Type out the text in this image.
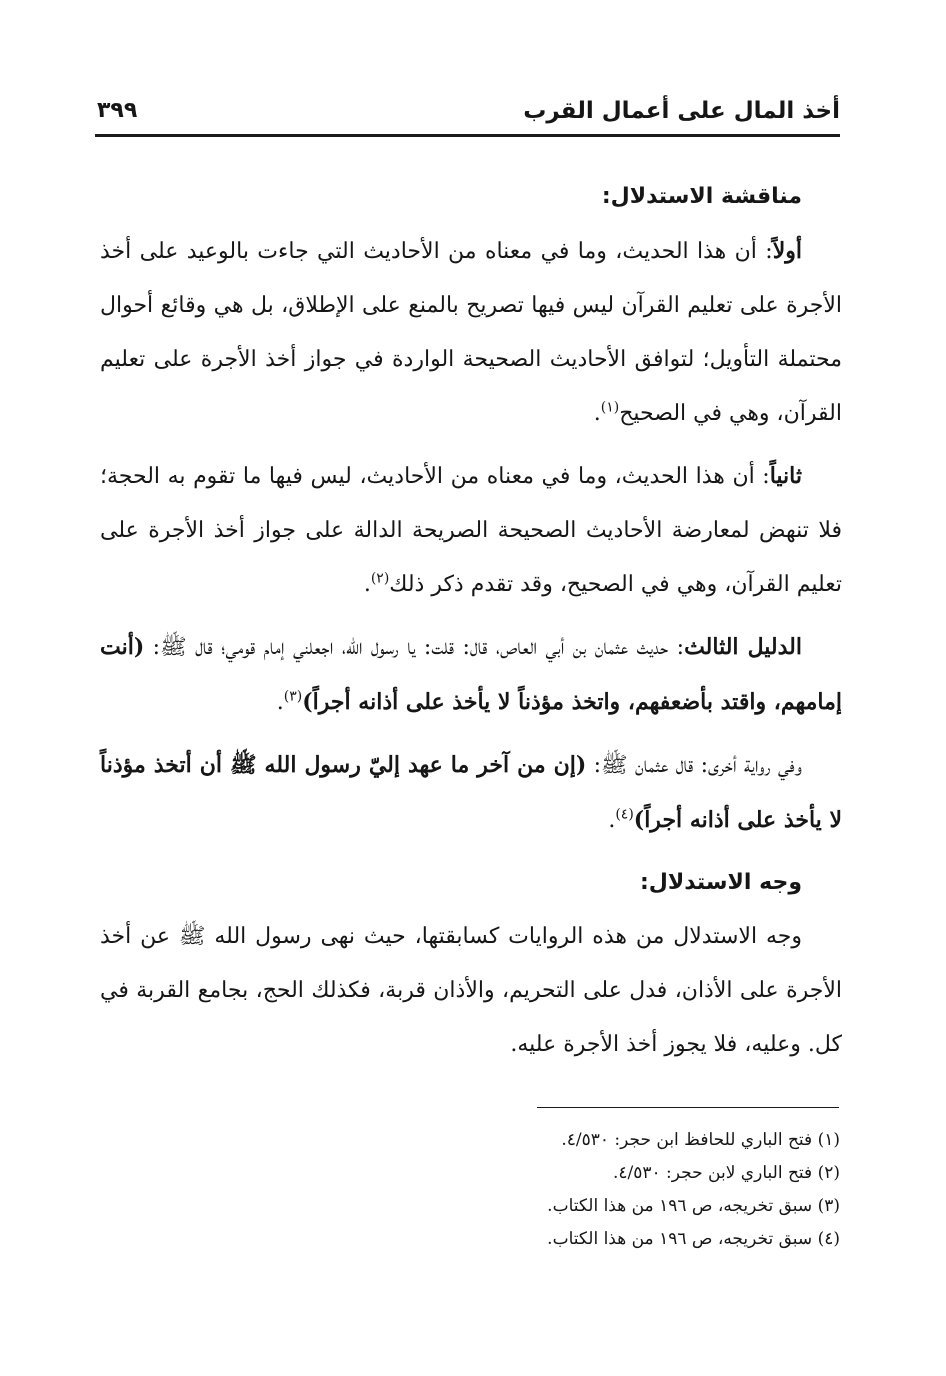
أخذ المال على أعمال القرب
٣٩٩

مناقشة الاستدلال:

أولاً: أن هذا الحديث، وما في معناه من الأحاديث التي جاءت بالوعيد على أخذ الأجرة على تعليم القرآن ليس فيها تصريح بالمنع على الإطلاق، بل هي وقائع أحوال محتملة التأويل؛ لتوافق الأحاديث الصحيحة الواردة في جواز أخذ الأجرة على تعليم القرآن، وهي في الصحيح$^{(١)}$.

ثانياً: أن هذا الحديث، وما في معناه من الأحاديث، ليس فيها ما تقوم به الحجة؛ فلا تنهض لمعارضة الأحاديث الصحيحة الصريحة الدالة على جواز أخذ الأجرة على تعليم القرآن، وهي في الصحيح، وقد تقدم ذكر ذلك$^{(٢)}$.

الدليل الثالث: حديث عثمان بن أبي العاص، قال: قلت: يا رسول الله، اجعلني إمام قومي؛ قال ﷺ: (أنت إمامهم، واقتد بأضعفهم، واتخذ مؤذناً لا يأخذ على أذانه أجراً)$^{(٣)}$.

وفي رواية أخرى: قال عثمان ﷺ: (إن من آخر ما عهد إليّ رسول الله ﷺ أن أتخذ مؤذناً لا يأخذ على أذانه أجراً)$^{(٤)}$.

وجه الاستدلال:

وجه الاستدلال من هذه الروايات كسابقتها، حيث نهى رسول الله ﷺ عن أخذ الأجرة على الأذان، فدل على التحريم، والأذان قربة، فكذلك الحج، بجامع القربة في كل. وعليه، فلا يجوز أخذ الأجرة عليه.

(١) فتح الباري للحافظ ابن حجر: ٤/٥٣٠.

(٢) فتح الباري لابن حجر: ٤/٥٣٠.

(٣) سبق تخريجه، ص ١٩٦ من هذا الكتاب.

(٤) سبق تخريجه، ص ١٩٦ من هذا الكتاب.
